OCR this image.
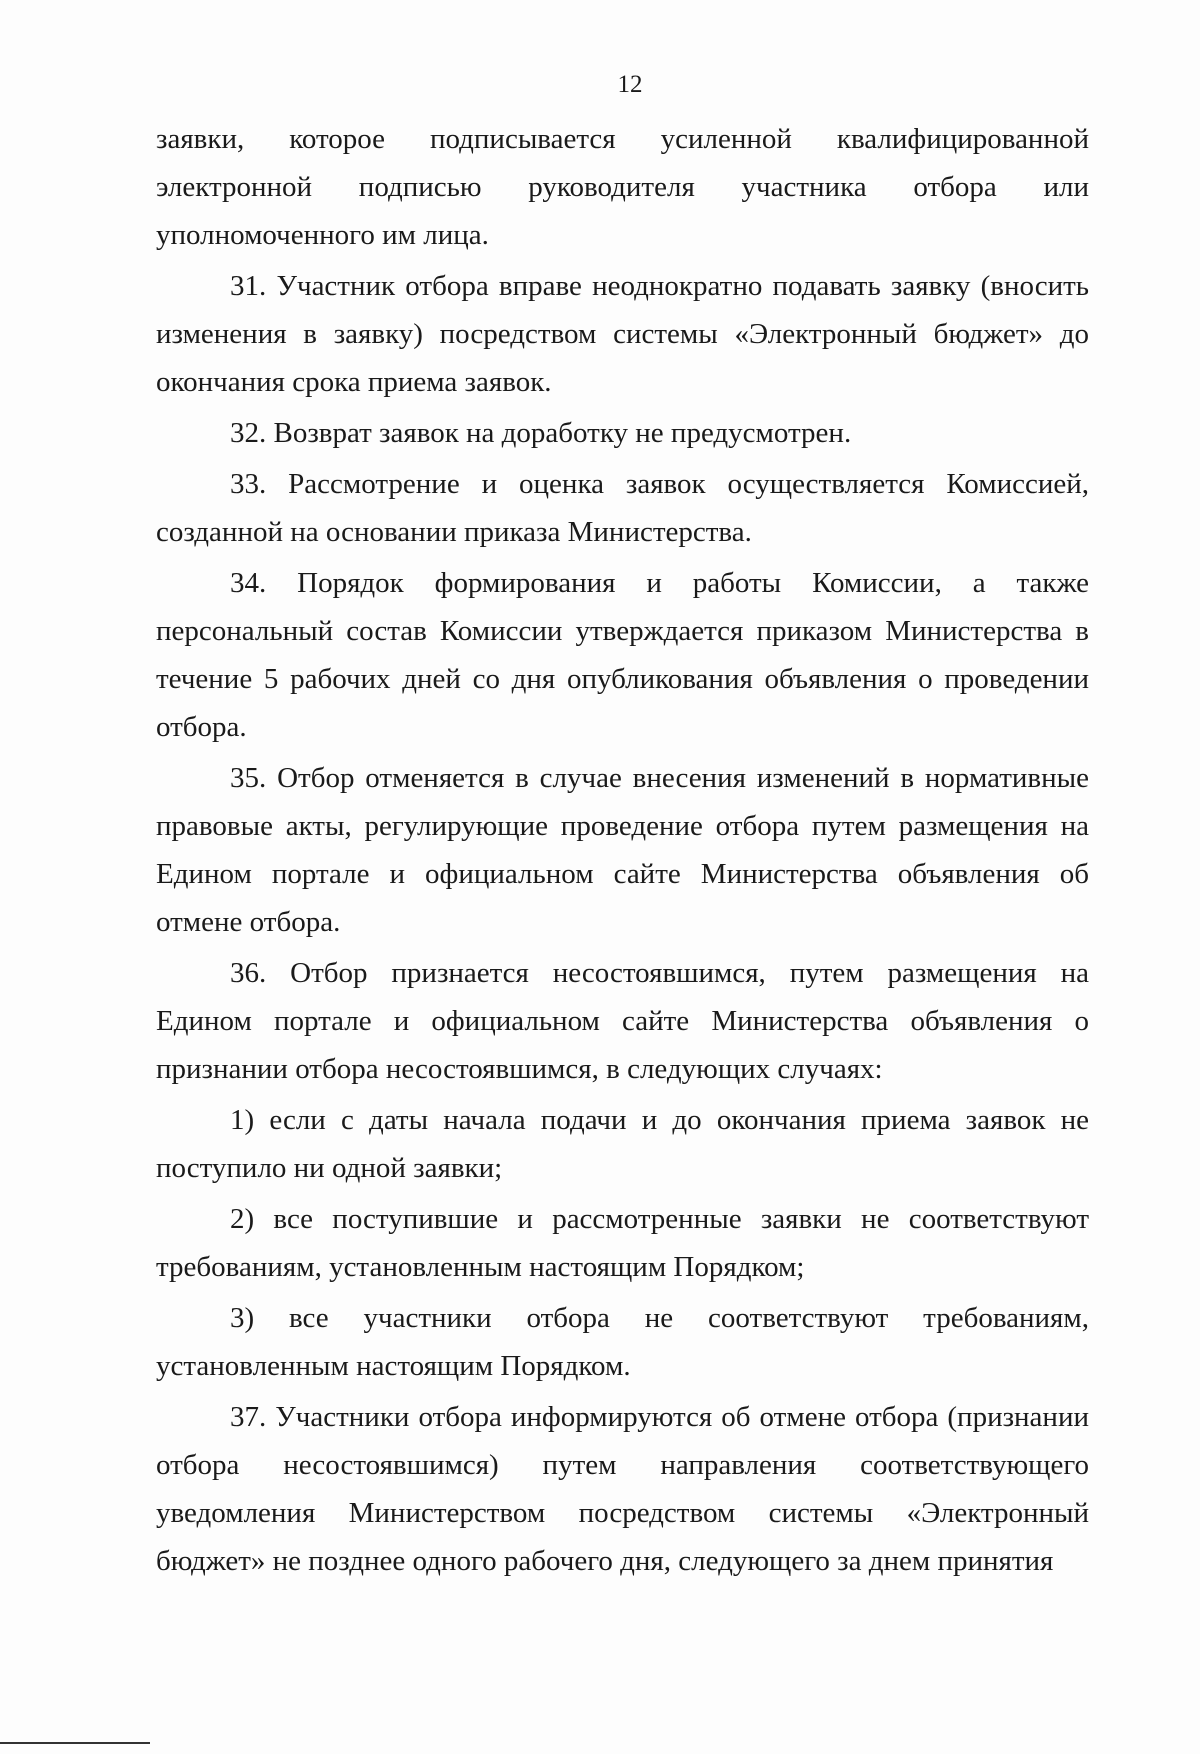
12

заявки, которое подписывается усиленной квалифицированной электронной подписью руководителя участника отбора или уполномоченного им лица.

31. Участник отбора вправе неоднократно подавать заявку (вносить изменения в заявку) посредством системы «Электронный бюджет» до окончания срока приема заявок.

32. Возврат заявок на доработку не предусмотрен.

33. Рассмотрение и оценка заявок осуществляется Комиссией, созданной на основании приказа Министерства.

34. Порядок формирования и работы Комиссии, а также персональный состав Комиссии утверждается приказом Министерства в течение 5 рабочих дней со дня опубликования объявления о проведении отбора.

35. Отбор отменяется в случае внесения изменений в нормативные правовые акты, регулирующие проведение отбора путем размещения на Едином портале и официальном сайте Министерства объявления об отмене отбора.

36. Отбор признается несостоявшимся, путем размещения на Едином портале и официальном сайте Министерства объявления о признании отбора несостоявшимся, в следующих случаях:

1) если с даты начала подачи и до окончания приема заявок не поступило ни одной заявки;

2) все поступившие и рассмотренные заявки не соответствуют требованиям, установленным настоящим Порядком;

3) все участники отбора не соответствуют требованиям, установленным настоящим Порядком.

37. Участники отбора информируются об отмене отбора (признании отбора несостоявшимся) путем направления соответствующего уведомления Министерством посредством системы «Электронный бюджет» не позднее одного рабочего дня, следующего за днем принятия
